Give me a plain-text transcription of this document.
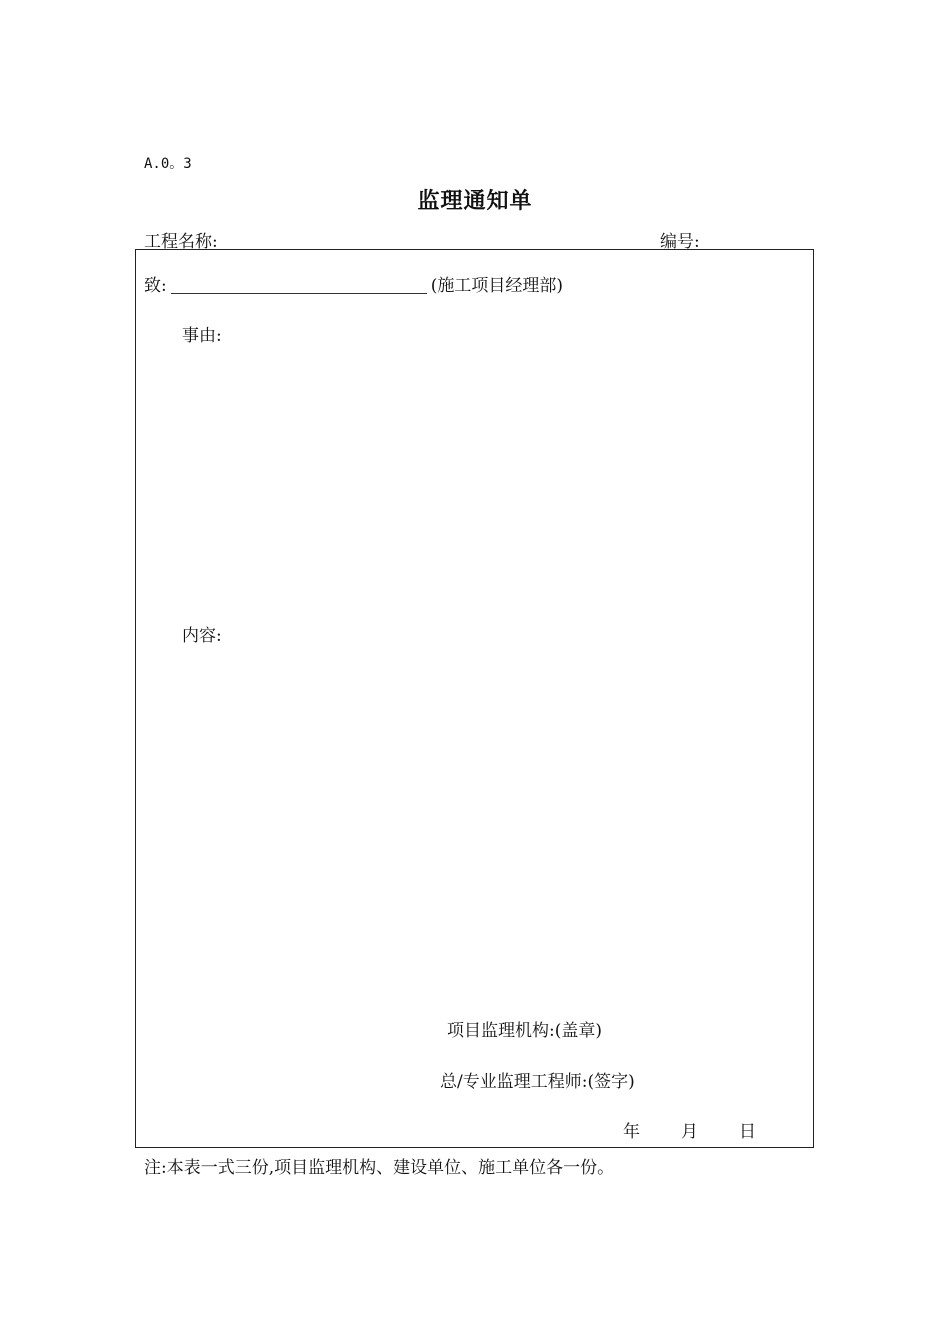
A.0。3
监理通知单
工程名称:	编号:
致:	(施工项目经理部)
事由:
内容:
项目监理机构:(盖章)
总/专业监理工程师:(签字)
年 月 日
注:本表一式三份,项目监理机构、建设单位、施工单位各一份。
